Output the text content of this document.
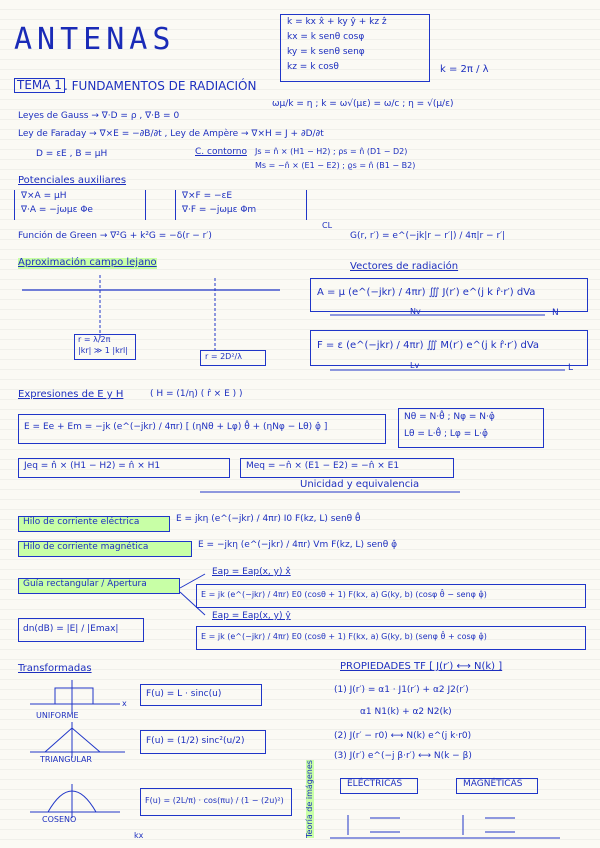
ANTENAS	k = kx x̂ + ky ŷ + kz ẑ
kx = k senθ cosφ
ky = k senθ senφ
kz = k cosθ	k = 2π / λ
TEMA 1 . FUNDAMENTOS DE RADIACIÓN
ωμ/k = η ; k = ω√(με) = ω/c ; η = √(μ/ε)
Leyes de Gauss → ∇·D = ρ , ∇·B = 0
Ley de Faraday → ∇×E = −∂B/∂t , Ley de Ampère → ∇×H = J + ∂D/∂t
D = εE , B = μH	C. contorno Js = n̂ × (H1 − H2) ; ρs = n̂ (D1 − D2)
Ms = −n̂ × (E1 − E2) ; ϱs = n̂ (B1 − B2)
Potenciales auxiliares
∇×A = μH
∇·A = −jωμε Φe
∇×F = −εE
∇·F = −jωμε Φm
Función de Green → ∇²G + k²G = −δ(r − r′)
CL
G(r, r′) = e^(−jk|r − r′|) / 4π|r − r′|
Aproximación campo lejano
r = λ/2π
|kr| ≫ 1 |krl|
r = 2D²/λ
Vectores de radiación
A = μ (e^(−jkr) / 4πr) ∭ J(r′) e^(j k r̂·r′) dVa
Nv	N
F = ε (e^(−jkr) / 4πr) ∭ M(r′) e^(j k r̂·r′) dVa
Lv	L
Expresiones de E y H	( H = (1/η) ( r̂ × E ) )
E = Ee + Em = −jk (e^(−jkr) / 4πr) [ (ηNθ + Lφ) θ̂ + (ηNφ − Lθ) φ̂ ]
Nθ = N·θ̂ ; Nφ = N·φ̂
Lθ = L·θ̂ ; Lφ = L·φ̂
Jeq = n̂ × (H1 − H2) = n̂ × H1	Meq = −n̂ × (E1 − E2) = −n̂ × E1
Unicidad y equivalencia
Hilo de corriente eléctrica	E = jkη (e^(−jkr) / 4πr) I0 F(kz, L) senθ θ̂
Hilo de corriente magnética	E = −jkη (e^(−jkr) / 4πr) Vm F(kz, L) senθ φ̂
Guía rectangular / Apertura
Eap = Eap(x, y) x̂
E = jk (e^(−jkr) / 4πr) E0 (cosθ + 1) F(kx, a) G(ky, b) (cosφ θ̂ − senφ φ̂)
Eap = Eap(x, y) ŷ
E = jk (e^(−jkr) / 4πr) E0 (cosθ + 1) F(kx, a) G(ky, b) (senφ θ̂ + cosφ φ̂)
dn(dB) = |E| / |Emax|
Transformadas
UNIFORME
x
F(u) = L · sinc(u)
TRIANGULAR
F(u) = (1/2) sinc²(u/2)
COSENO
F(u) = (2L/π) · cos(πu) / (1 − (2u)²)
kx
PROPIEDADES TF [ J(r′) ⟷ N(k) ]
(1) J(r′) = α1 · J1(r′) + α2 J2(r′)
α1 N1(k) + α2 N2(k)
(2) J(r′ − r0) ⟷ N(k) e^(j k·r0)
(3) J(r′) e^(−j β·r′) ⟷ N(k − β)
Teoría de imágenes	ELÉCTRICAS	MAGNÉTICAS
